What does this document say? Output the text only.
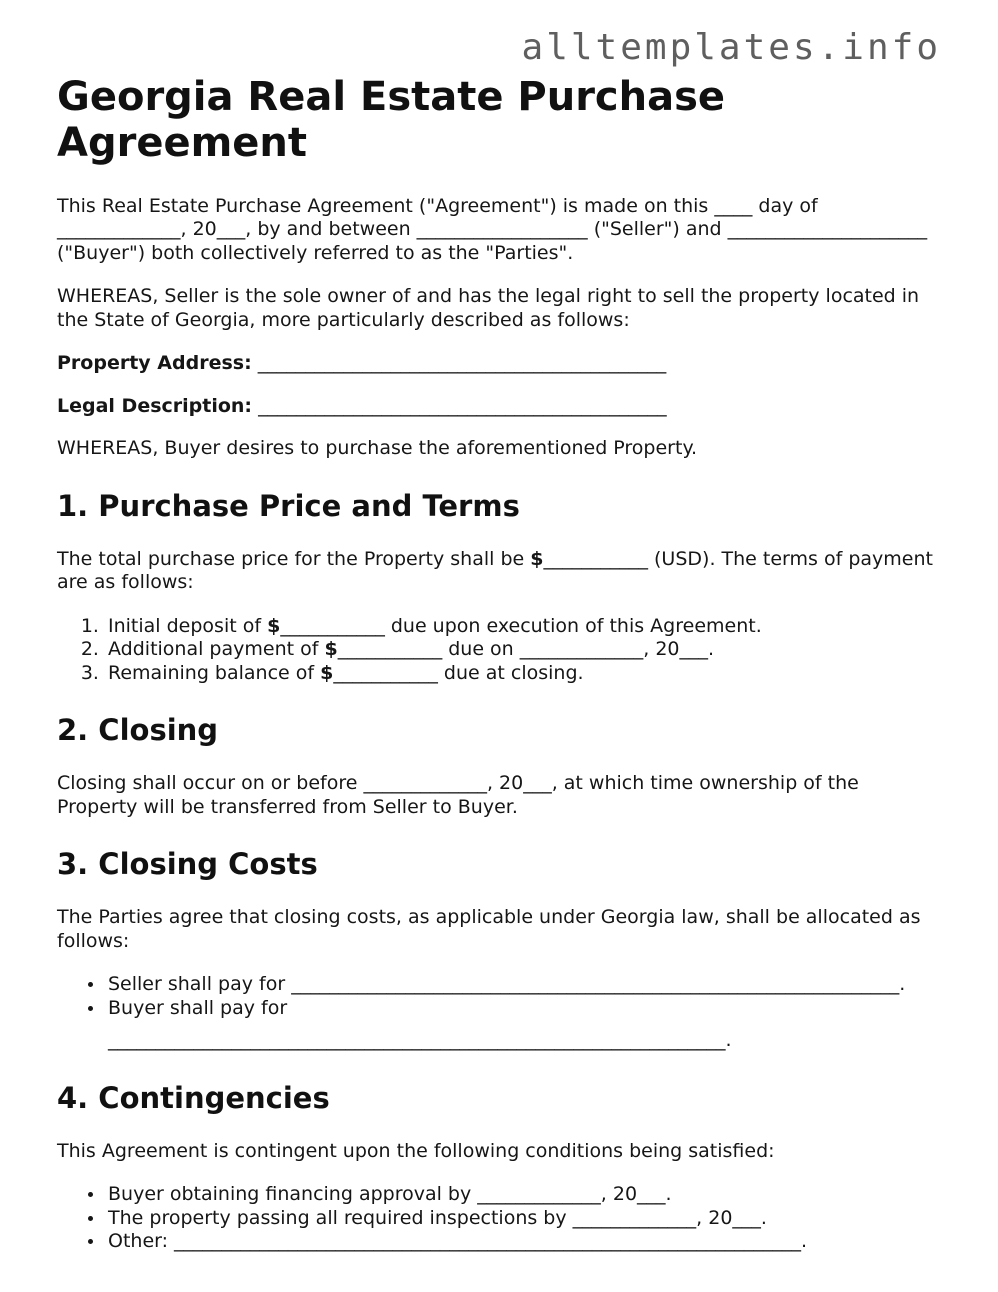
alltemplates.info
Georgia Real Estate Purchase Agreement

This Real Estate Purchase Agreement ("Agreement") is made on this ____ day of _____________, 20___, by and between __________________ ("Seller") and _____________________ ("Buyer") both collectively referred to as the "Parties".

WHEREAS, Seller is the sole owner of and has the legal right to sell the property located in the State of Georgia, more particularly described as follows:

Property Address: ___________________________________________

Legal Description: ___________________________________________

WHEREAS, Buyer desires to purchase the aforementioned Property.

1. Purchase Price and Terms

The total purchase price for the Property shall be $___________ (USD). The terms of payment are as follows:

1. Initial deposit of $___________ due upon execution of this Agreement.
2. Additional payment of $___________ due on _____________, 20___.
3. Remaining balance of $___________ due at closing.
2. Closing

Closing shall occur on or before _____________, 20___, at which time ownership of the Property will be transferred from Seller to Buyer.

3. Closing Costs

The Parties agree that closing costs, as applicable under Georgia law, shall be allocated as follows:

• Seller shall pay for ________________________________________________________________.
• Buyer shall pay for
_________________________________________________________________.
4. Contingencies

This Agreement is contingent upon the following conditions being satisfied:

• Buyer obtaining financing approval by _____________, 20___.
• The property passing all required inspections by _____________, 20___.
• Other: __________________________________________________________________.
